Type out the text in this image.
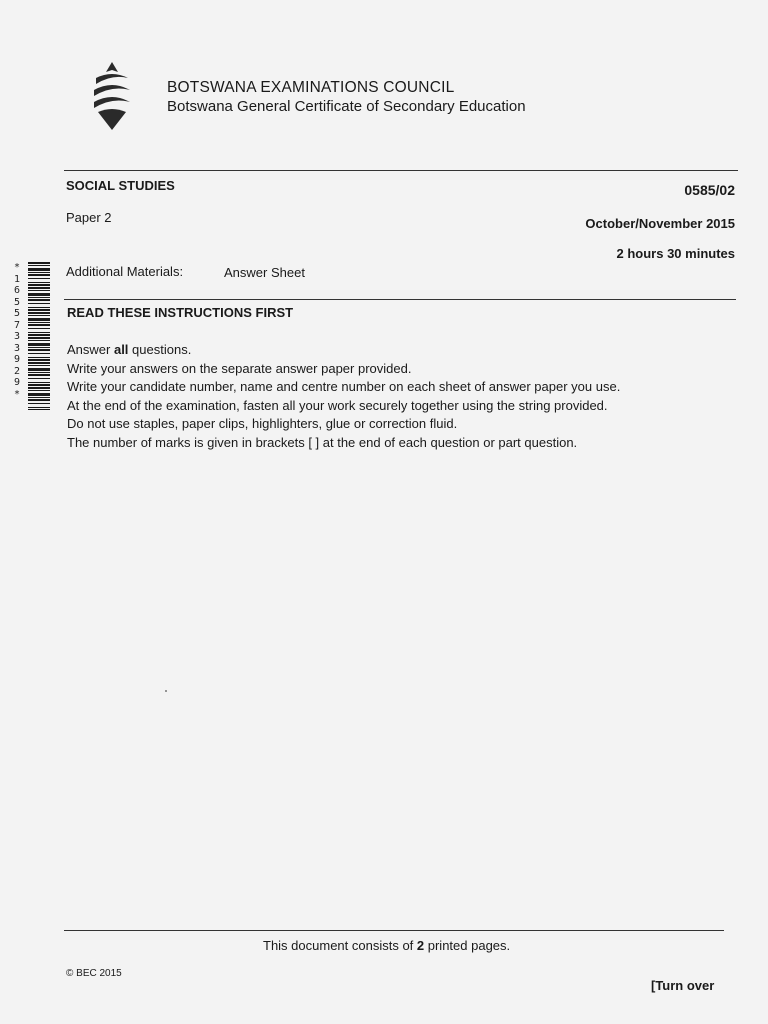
BOTSWANA EXAMINATIONS COUNCIL
Botswana General Certificate of Secondary Education
SOCIAL STUDIES	0585/02
Paper 2	October/November 2015
2 hours 30 minutes
Additional Materials:	Answer Sheet
*
1
6
5
5
7
3
3
9
2
9
*
READ THESE INSTRUCTIONS FIRST
Answer all questions.
Write your answers on the separate answer paper provided.
Write your candidate number, name and centre number on each sheet of answer paper you use.
At the end of the examination, fasten all your work securely together using the string provided.
Do not use staples, paper clips, highlighters, glue or correction fluid.
The number of marks is given in brackets [ ] at the end of each question or part question.
This document consists of 2 printed pages.
© BEC 2015
[Turn over
